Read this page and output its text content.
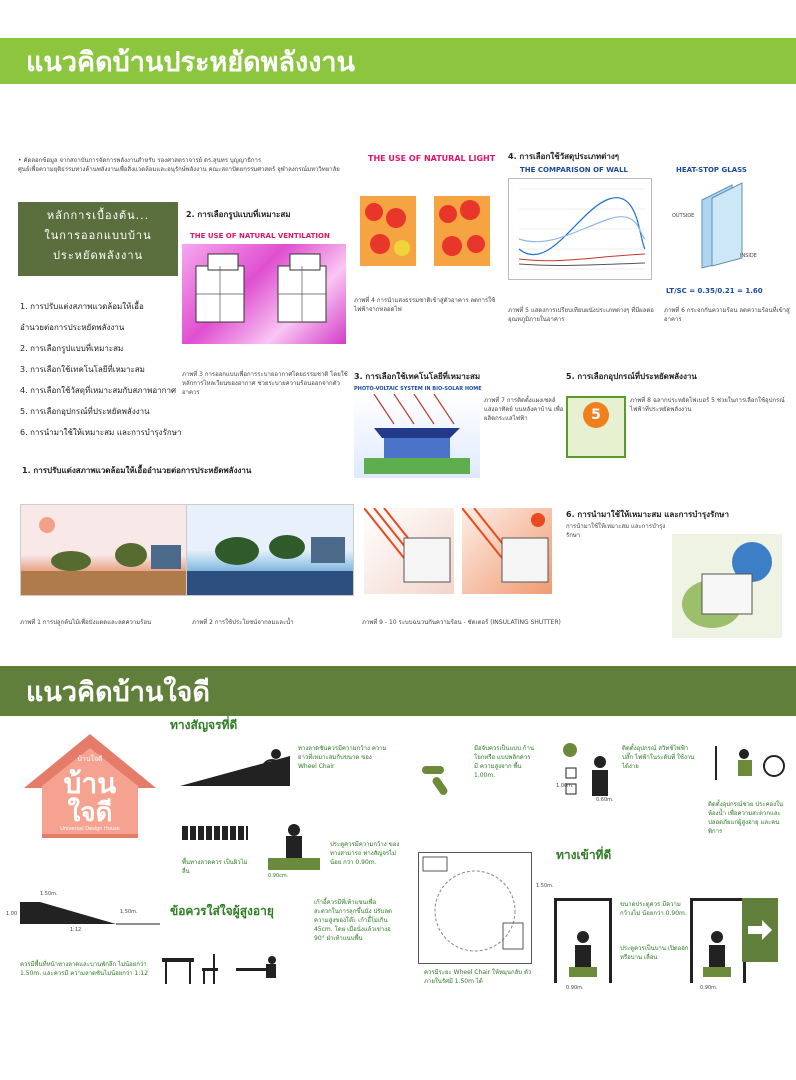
แนวคิดบ้านประหยัดพลังงาน
• คัดลอกข้อมูล จากสถาบันการจัดการพลังงานสำหรับ รองศาสตราจารย์ ดร.สุนทร บุญญาธิการ
ศูนย์เพื่อความยุติธรรมทางด้านพลังงานเพื่อสิ่งแวดล้อมและอนุรักษ์พลังงาน คณะสถาปัตยกรรมศาสตร์ จุฬาลงกรณ์มหาวิทยาลัย
หลักการเบื้องต้น...
ในการออกแบบบ้าน
ประหยัดพลังงาน
1. การปรับแต่งสภาพแวดล้อมให้เอื้อ
อำนวยต่อการประหยัดพลังงาน
2. การเลือกรูปแบบที่เหมาะสม
3. การเลือกใช้เทคโนโลยีที่เหมาะสม
4. การเลือกใช้วัสดุที่เหมาะสมกับสภาพอากาศ
5. การเลือกอุปกรณ์ที่ประหยัดพลังงาน
6. การนำมาใช้ให้เหมาะสม และการบำรุงรักษา
2. การเลือกรูปแบบที่เหมาะสม
THE USE OF NATURAL VENTILATION
ภาพที่ 3 การออกแบบเพื่อการระบายอากาศโดยธรรมชาติ โดยใช้หลักการไหลเวียนของอากาศ ช่วยระบายความร้อนออกจากตัวอาคาร
THE USE OF NATURAL LIGHT
ภาพที่ 4 การนำแสงธรรมชาติเข้าสู่ตัวอาคาร ลดการใช้ไฟฟ้าจากหลอดไฟ
4. การเลือกใช้วัสดุประเภทต่างๆ
THE COMPARISON OF WALL	HEAT-STOP GLASS
OUTSIDE
INSIDE
LT/SC = 0.35/0.21 = 1.60
ภาพที่ 5 แสดงการเปรียบเทียบผนังประเภทต่างๆ ที่มีผลต่ออุณหภูมิภายในอาคาร
ภาพที่ 6 กระจกกันความร้อน ลดความร้อนที่เข้าสู่อาคาร
3. การเลือกใช้เทคโนโลยีที่เหมาะสม
PHOTO-VOLTAIC SYSTEM IN BIO-SOLAR HOME
ภาพที่ 7 การติดตั้งแผงเซลล์แสงอาทิตย์ บนหลังคาบ้าน เพื่อผลิตกระแสไฟฟ้า
5. การเลือกอุปกรณ์ที่ประหยัดพลังงาน
5
ภาพที่ 8 ฉลากประหยัดไฟเบอร์ 5 ช่วยในการเลือกใช้อุปกรณ์ไฟฟ้าที่ประหยัดพลังงาน
1. การปรับแต่งสภาพแวดล้อมให้เอื้ออำนวยต่อการประหยัดพลังงาน
ภาพที่ 1 การปลูกต้นไม้เพื่อบังแดดและลดความร้อน	ภาพที่ 2 การใช้ประโยชน์จากลมและน้ำ	ภาพที่ 9 - 10 ระบบฉนวนกันความร้อน - ชัตเตอร์ (INSULATING SHUTTER)
6. การนำมาใช้ให้เหมาะสม และการบำรุงรักษา
การนำมาใช้ให้เหมาะสม และการบำรุงรักษา
แนวคิดบ้านใจดี
บ้านใจดี
บ้าน
ใจดี
Universal Design House
ทางสัญจรที่ดี
ทางลาดชันควรมีความกว้าง ความยาวที่เหมาะสมกับขนาด ของ Wheel Chair
พื้นทางลาดควร เป็นผิวไม่ลื่น
0.90cm.
ประตูควรมีความกว้าง ของทางสามารถ ทางสัญจรไม่น้อย กว่า 0.90m.
ข้อควรใส่ใจผู้สูงอายุ
1.50m.
1.50m.
1:12
1.00
ควรมีพื้นที่หน้าทางลาดและบานพักลึก ไม่น้อยกว่า 1.50m. และควรมี ความลาดชันไม่น้อยกว่า 1:12
เก้าอี้ควรมีที่เท้าแขนเพื่อ สะดวกในการลุกขึ้นนั่ง ปรับลดความสูงของโต๊ะ เก้าอี้ไม่เกิน 45cm. โดย เมื่อนั่งแล้วเข่างอ 90° ฝ่าเท้าแนบพื้น
มือจับควรเป็นแบบ ก้านโยกหรือ แบบพลิกควรมี ความสูงจาก พื้น 1.00m.
1.50m.
ควรมีระยะ Wheel Chair ให้หมุนกลับ ตัวภายในรัศมี 1.50m ได้
1.00m.
0.60m.
ติดตั้งอุปกรณ์ สวิทช์ไฟฟ้าปลั๊ก ไฟฟ้าในระดับที่ ใช้งานได้ง่าย
ติดตั้งอุปกรณ์ช่วย ประคองในห้องน้ำ เพื่อความสะดวกและ ปลอดภัยแก่ผู้สูงอายุ และคนพิการ
ทางเข้าที่ดี
0.90m.
ขนาดประตูควร มีความกว้างไม่ น้อยกว่า 0.90m.
ประตูควรเป็นบาน เปิดออก หรือบาน เลื่อน
0.90m.
